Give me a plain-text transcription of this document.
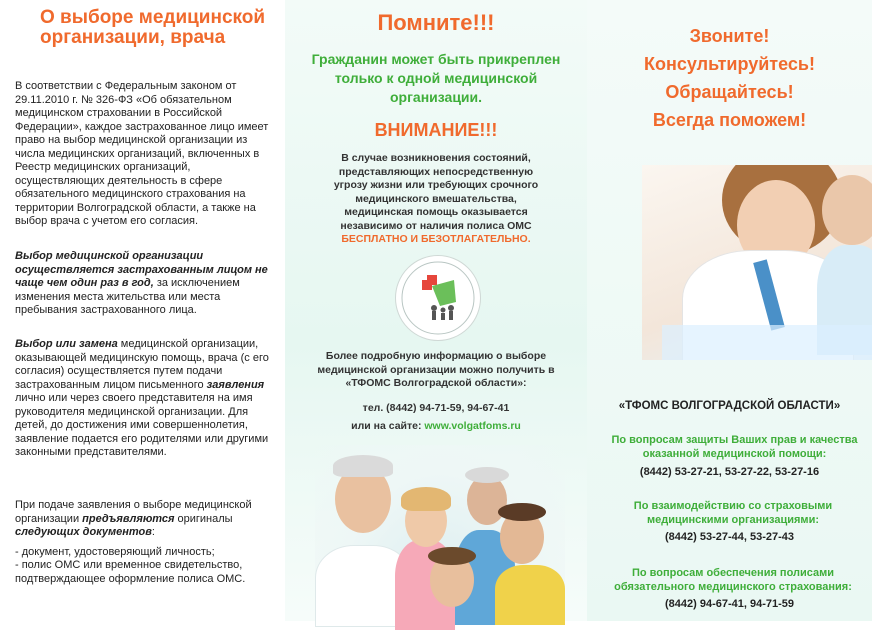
О выборе медицинской организации, врача
В соответствии с Федеральным законом от 29.11.2010 г. № 326-ФЗ «Об обязательном медицинском страховании в Российской Федерации», каждое застрахованное лицо имеет право на выбор медицинской организации из числа медицинских организаций, включенных в Реестр медицинских организаций, осуществляющих деятельность в сфере обязательного медицинского страхования на территории Волгоградской области, а также на выбор врача с учетом его согласия.
Выбор медицинской организации осуществляется застрахованным лицом не чаще чем один раз в год, за исключением изменения места жительства или места пребывания застрахованного лица.
Выбор или замена медицинской организации, оказывающей медицинскую помощь, врача (с его согласия) осуществляется путем подачи застрахованным лицом письменного заявления лично или через своего представителя на имя руководителя медицинской организации. Для детей, до достижения ими совершеннолетия, заявление подается его родителями или другими законными представителями.
При подаче заявления о выборе медицинской организации предъявляются оригиналы следующих документов:
- документ, удостоверяющий личность;
- полис ОМС или временное свидетельство, подтверждающее оформление полиса ОМС.
Помните!!!
Гражданин может быть прикреплен только к одной медицинской организации.
ВНИМАНИЕ!!!
В случае возникновения состояний, представляющих непосредственную угрозу жизни или требующих срочного медицинского вмешательства, медицинская помощь оказывается независимо от наличия полиса ОМС БЕСПЛАТНО И БЕЗОТЛАГАТЕЛЬНО.
Более подробную информацию о выборе медицинской организации можно получить в «ТФОМС Волгоградской области»:
тел. (8442) 94-71-59, 94-67-41
или на сайте: www.volgatfoms.ru
Звоните!
Консультируйтесь!
Обращайтесь!
Всегда поможем!
«ТФОМС ВОЛГОГРАДСКОЙ ОБЛАСТИ»
По вопросам защиты Ваших прав и качества оказанной медицинской помощи:
(8442) 53-27-21, 53-27-22, 53-27-16
По взаимодействию со страховыми медицинскими организациями:
(8442) 53-27-44, 53-27-43
По вопросам обеспечения полисами обязательного медицинского страхования:
(8442) 94-67-41, 94-71-59
